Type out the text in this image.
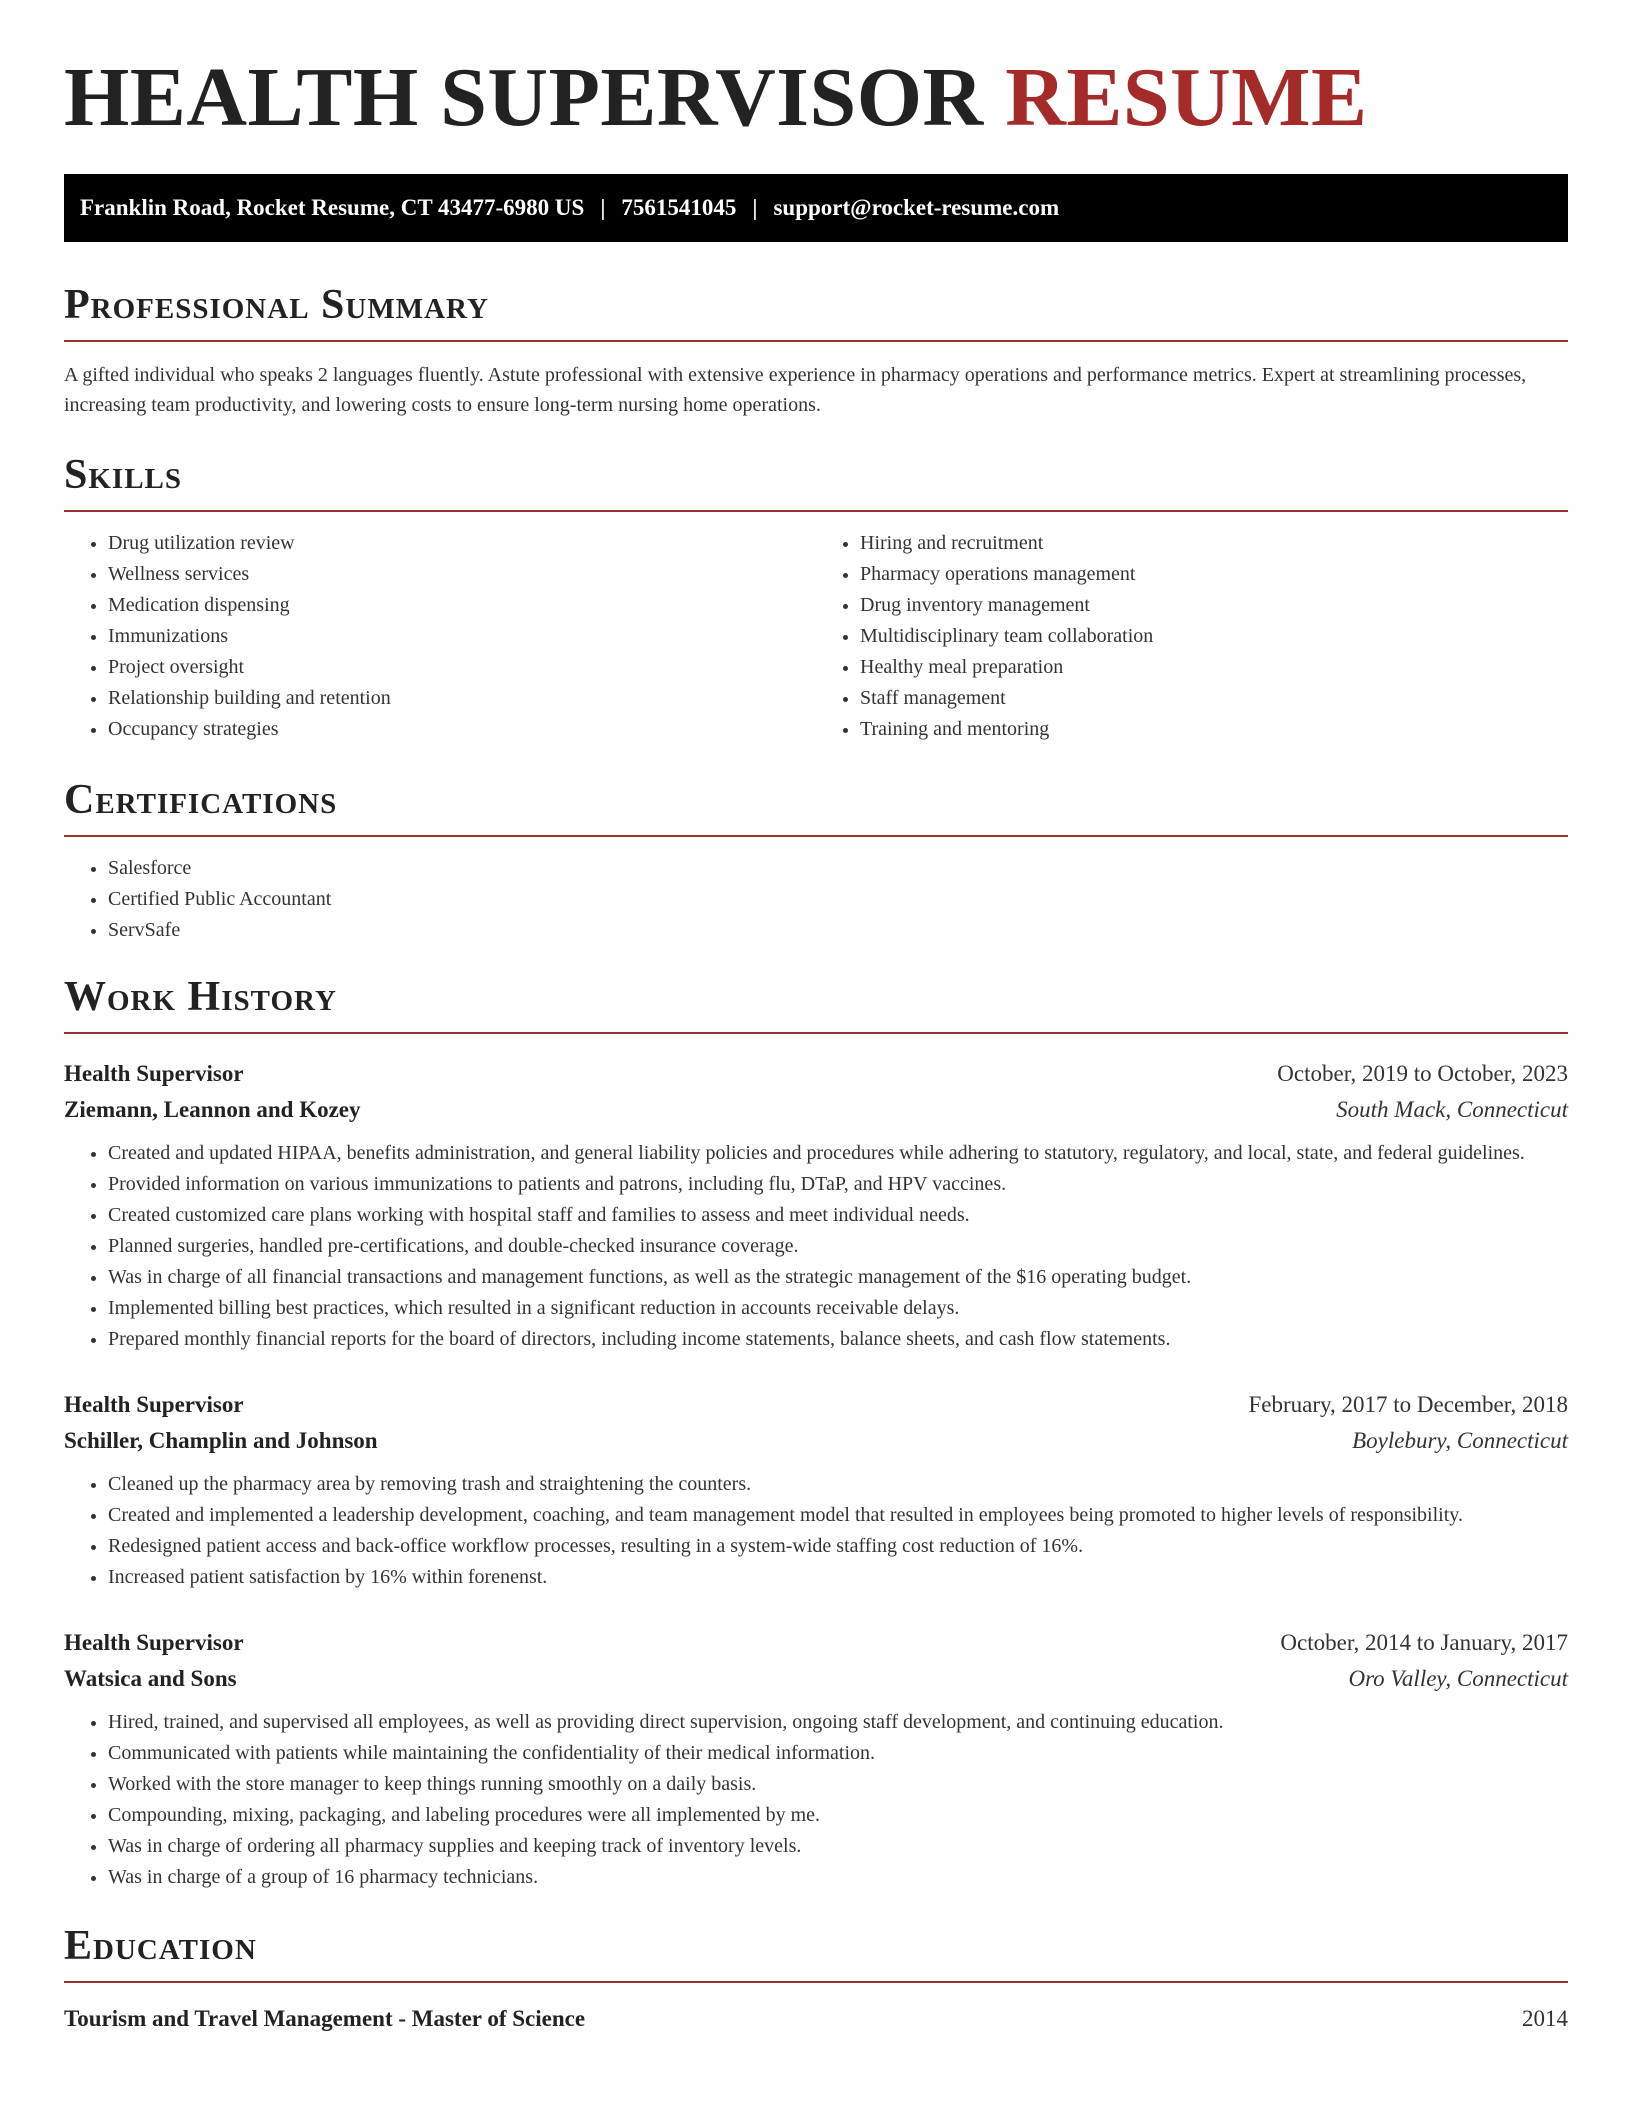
HEALTH SUPERVISOR RESUME
Franklin Road, Rocket Resume, CT 43477-6980 US | 7561541045 | support@rocket-resume.com
Professional Summary

A gifted individual who speaks 2 languages fluently. Astute professional with extensive experience in pharmacy operations and performance metrics. Expert at streamlining processes, increasing team productivity, and lowering costs to ensure long-term nursing home operations.

Skills
• Drug utilization review
• Wellness services
• Medication dispensing
• Immunizations
• Project oversight
• Relationship building and retention
• Occupancy strategies
• Hiring and recruitment
• Pharmacy operations management
• Drug inventory management
• Multidisciplinary team collaboration
• Healthy meal preparation
• Staff management
• Training and mentoring
Certifications
• Salesforce
• Certified Public Accountant
• ServSafe
Work History
Health Supervisor	October, 2019 to October, 2023
Ziemann, Leannon and Kozey	South Mack, Connecticut
• Created and updated HIPAA, benefits administration, and general liability policies and procedures while adhering to statutory, regulatory, and local, state, and federal guidelines.
• Provided information on various immunizations to patients and patrons, including flu, DTaP, and HPV vaccines.
• Created customized care plans working with hospital staff and families to assess and meet individual needs.
• Planned surgeries, handled pre-certifications, and double-checked insurance coverage.
• Was in charge of all financial transactions and management functions, as well as the strategic management of the $16 operating budget.
• Implemented billing best practices, which resulted in a significant reduction in accounts receivable delays.
• Prepared monthly financial reports for the board of directors, including income statements, balance sheets, and cash flow statements.
Health Supervisor	February, 2017 to December, 2018
Schiller, Champlin and Johnson	Boylebury, Connecticut
• Cleaned up the pharmacy area by removing trash and straightening the counters.
• Created and implemented a leadership development, coaching, and team management model that resulted in employees being promoted to higher levels of responsibility.
• Redesigned patient access and back-office workflow processes, resulting in a system-wide staffing cost reduction of 16%.
• Increased patient satisfaction by 16% within forenenst.
Health Supervisor	October, 2014 to January, 2017
Watsica and Sons	Oro Valley, Connecticut
• Hired, trained, and supervised all employees, as well as providing direct supervision, ongoing staff development, and continuing education.
• Communicated with patients while maintaining the confidentiality of their medical information.
• Worked with the store manager to keep things running smoothly on a daily basis.
• Compounding, mixing, packaging, and labeling procedures were all implemented by me.
• Was in charge of ordering all pharmacy supplies and keeping track of inventory levels.
• Was in charge of a group of 16 pharmacy technicians.
Education
Tourism and Travel Management - Master of Science	2014
